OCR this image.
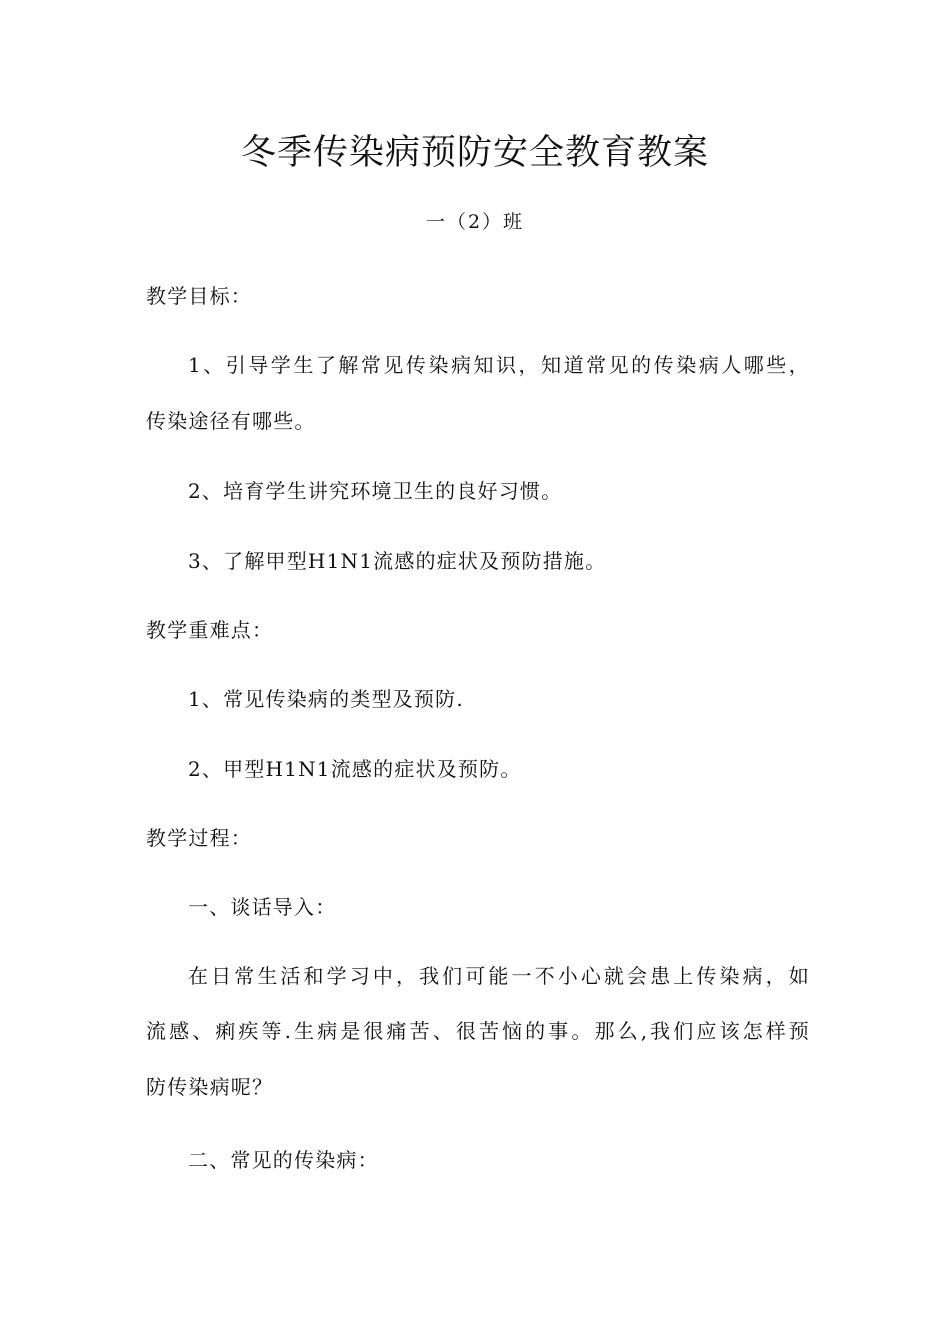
冬季传染病预防安全教育教案

一（2）班

教学目标：

1、引导学生了解常见传染病知识，知道常见的传染病人哪些，

传染途径有哪些。

2、培育学生讲究环境卫生的良好习惯。

3、了解甲型H1N1流感的症状及预防措施。

教学重难点：

1、常见传染病的类型及预防.

2、甲型H1N1流感的症状及预防。

教学过程：

一、谈话导入：

在日常生活和学习中，我们可能一不小心就会患上传染病，如

流感、痢疾等.生病是很痛苦、很苦恼的事。那么,我们应该怎样预

防传染病呢？

二、常见的传染病：
